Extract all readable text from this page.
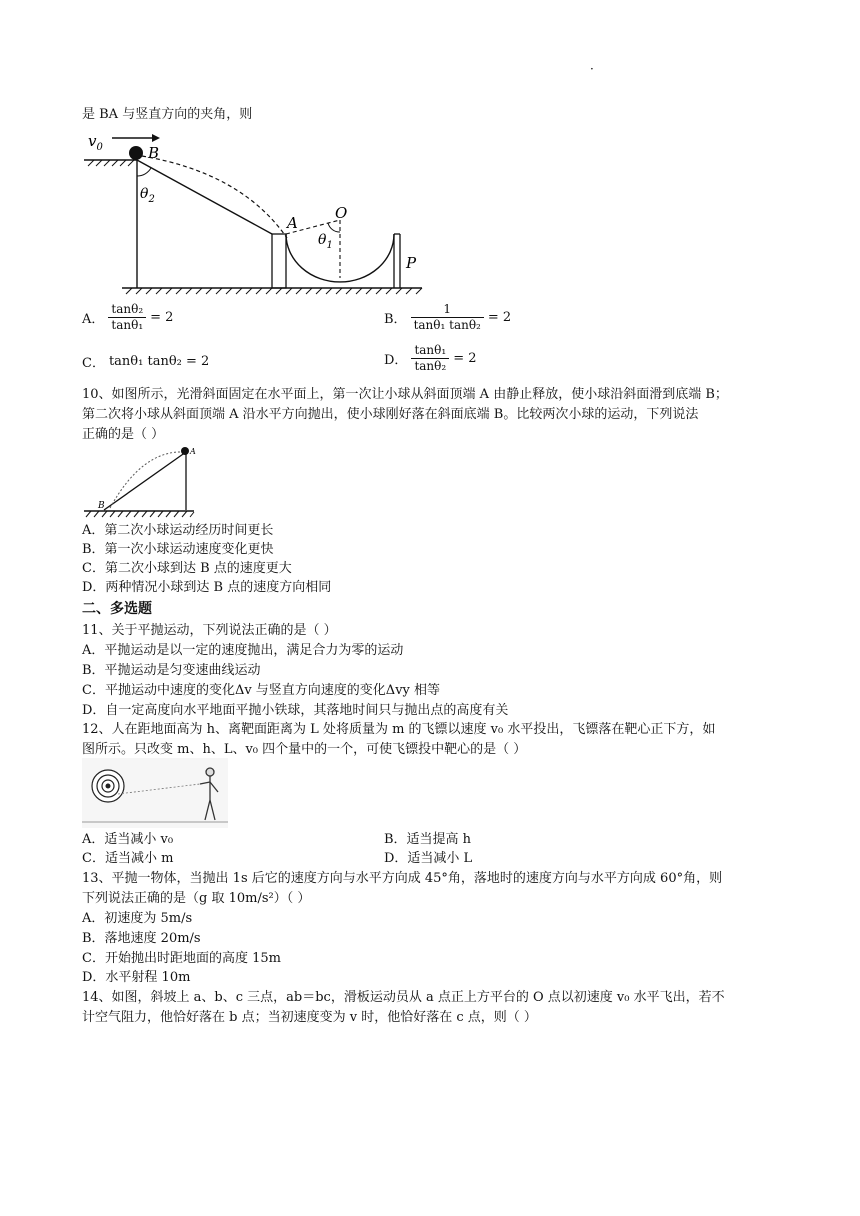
·
是 BA 与竖直方向的夹角，则
$v_0$	B
$\theta_2$
A
P
O
$\theta_1$
A． $\frac{\text{tanθ₂}}{\text{tanθ₁}} = 2$	B． $\frac{1}{\text{tanθ₁ tanθ₂}} = 2$
C． tanθ₁ tanθ₂ = 2	D． $\frac{\text{tanθ₁}}{\text{tanθ₂}} = 2$
10、如图所示，光滑斜面固定在水平面上，第一次让小球从斜面顶端 A 由静止释放，使小球沿斜面滑到底端 B；
第二次将小球从斜面顶端 A 沿水平方向抛出，使小球刚好落在斜面底端 B。比较两次小球的运动，下列说法
正确的是（ ）
A
B
A．第二次小球运动经历时间更长
B．第一次小球运动速度变化更快
C．第二次小球到达 B 点的速度更大
D．两种情况小球到达 B 点的速度方向相同
二、多选题
11、关于平抛运动，下列说法正确的是（ ）
A．平抛运动是以一定的速度抛出，满足合力为零的运动
B．平抛运动是匀变速曲线运动
C．平抛运动中速度的变化Δv 与竖直方向速度的变化Δvy 相等
D．自一定高度向水平地面平抛小铁球，其落地时间只与抛出点的高度有关
12、人在距地面高为 h、离靶面距离为 L 处将质量为 m 的飞镖以速度 v₀ 水平投出，飞镖落在靶心正下方，如
图所示。只改变 m、h、L、v₀ 四个量中的一个，可使飞镖投中靶心的是（ ）
A．适当减小 v₀	B．适当提高 h
C．适当减小 m	D．适当减小 L
13、平抛一物体，当抛出 1s 后它的速度方向与水平方向成 45°角，落地时的速度方向与水平方向成 60°角，则
下列说法正确的是（g 取 10m/s²）（ ）
A．初速度为 5m/s
B．落地速度 20m/s
C．开始抛出时距地面的高度 15m
D．水平射程 10m
14、如图，斜坡上 a、b、c 三点，ab＝bc，滑板运动员从 a 点正上方平台的 O 点以初速度 v₀ 水平飞出，若不
计空气阻力，他恰好落在 b 点；当初速度变为 v 时，他恰好落在 c 点，则（ ）
